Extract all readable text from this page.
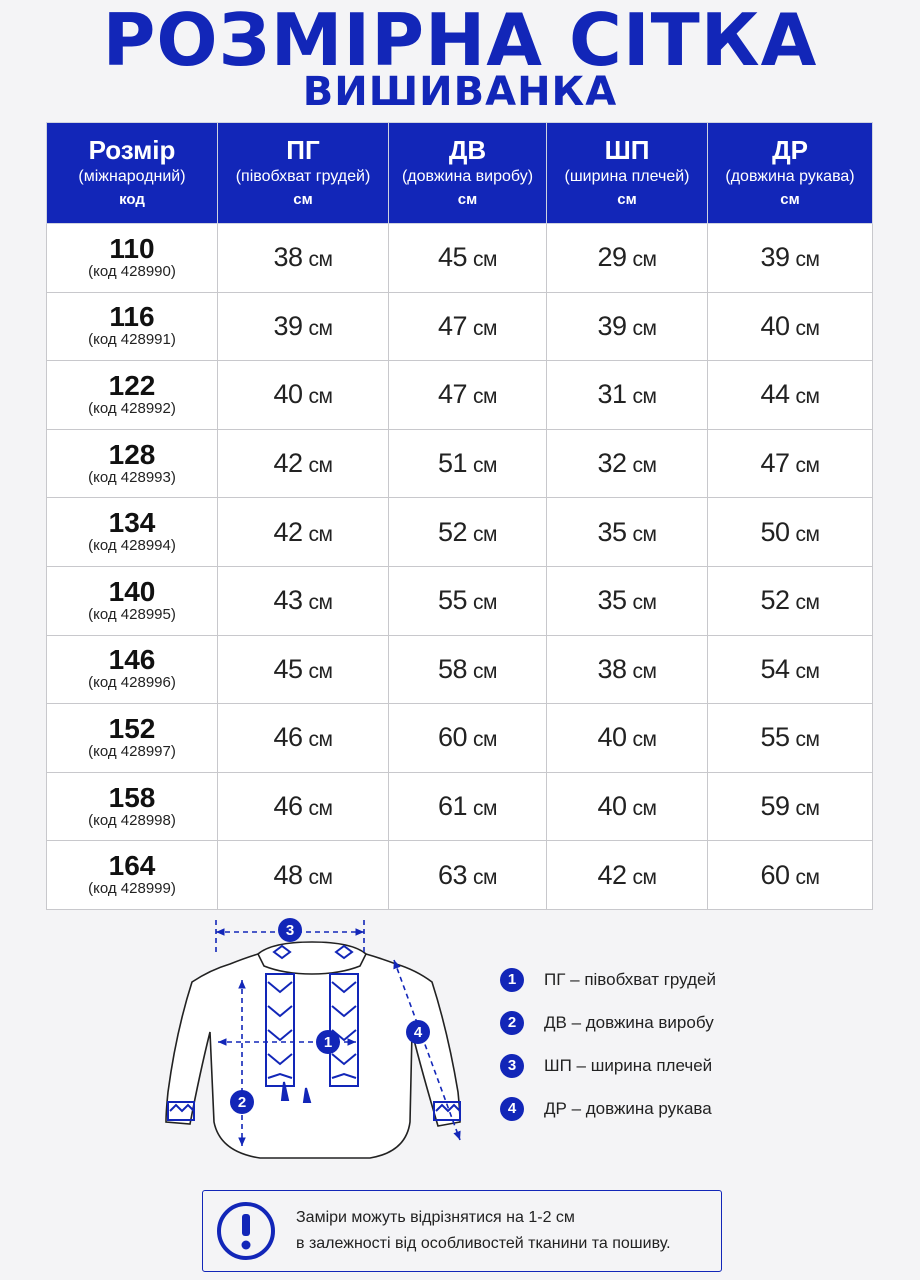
РОЗМІРНА СІТКА
ВИШИВАНКА
Розмір
(міжнародний)
код	ПГ
(півобхват грудей)
см	ДВ
(довжина виробу)
см	ШП
(ширина плечей)
см	ДР
(довжина рукава)
см

110
(код 428990)	38 см	45 см	29 см	39 см

116
(код 428991)	39 см	47 см	39 см	40 см

122
(код 428992)	40 см	47 см	31 см	44 см

128
(код 428993)	42 см	51 см	32 см	47 см

134
(код 428994)	42 см	52 см	35 см	50 см

140
(код 428995)	43 см	55 см	35 см	52 см

146
(код 428996)	45 см	58 см	38 см	54 см

152
(код 428997)	46 см	60 см	40 см	55 см

158
(код 428998)	46 см	61 см	40 см	59 см

164
(код 428999)	48 см	63 см	42 см	60 см
3
1
2
4
1	ПГ – півобхват грудей
2	ДВ – довжина виробу
3	ШП – ширина плечей
4	ДР – довжина рукава
Заміри можуть відрізнятися на 1-2 см
в залежності від особливостей тканини та пошиву.
